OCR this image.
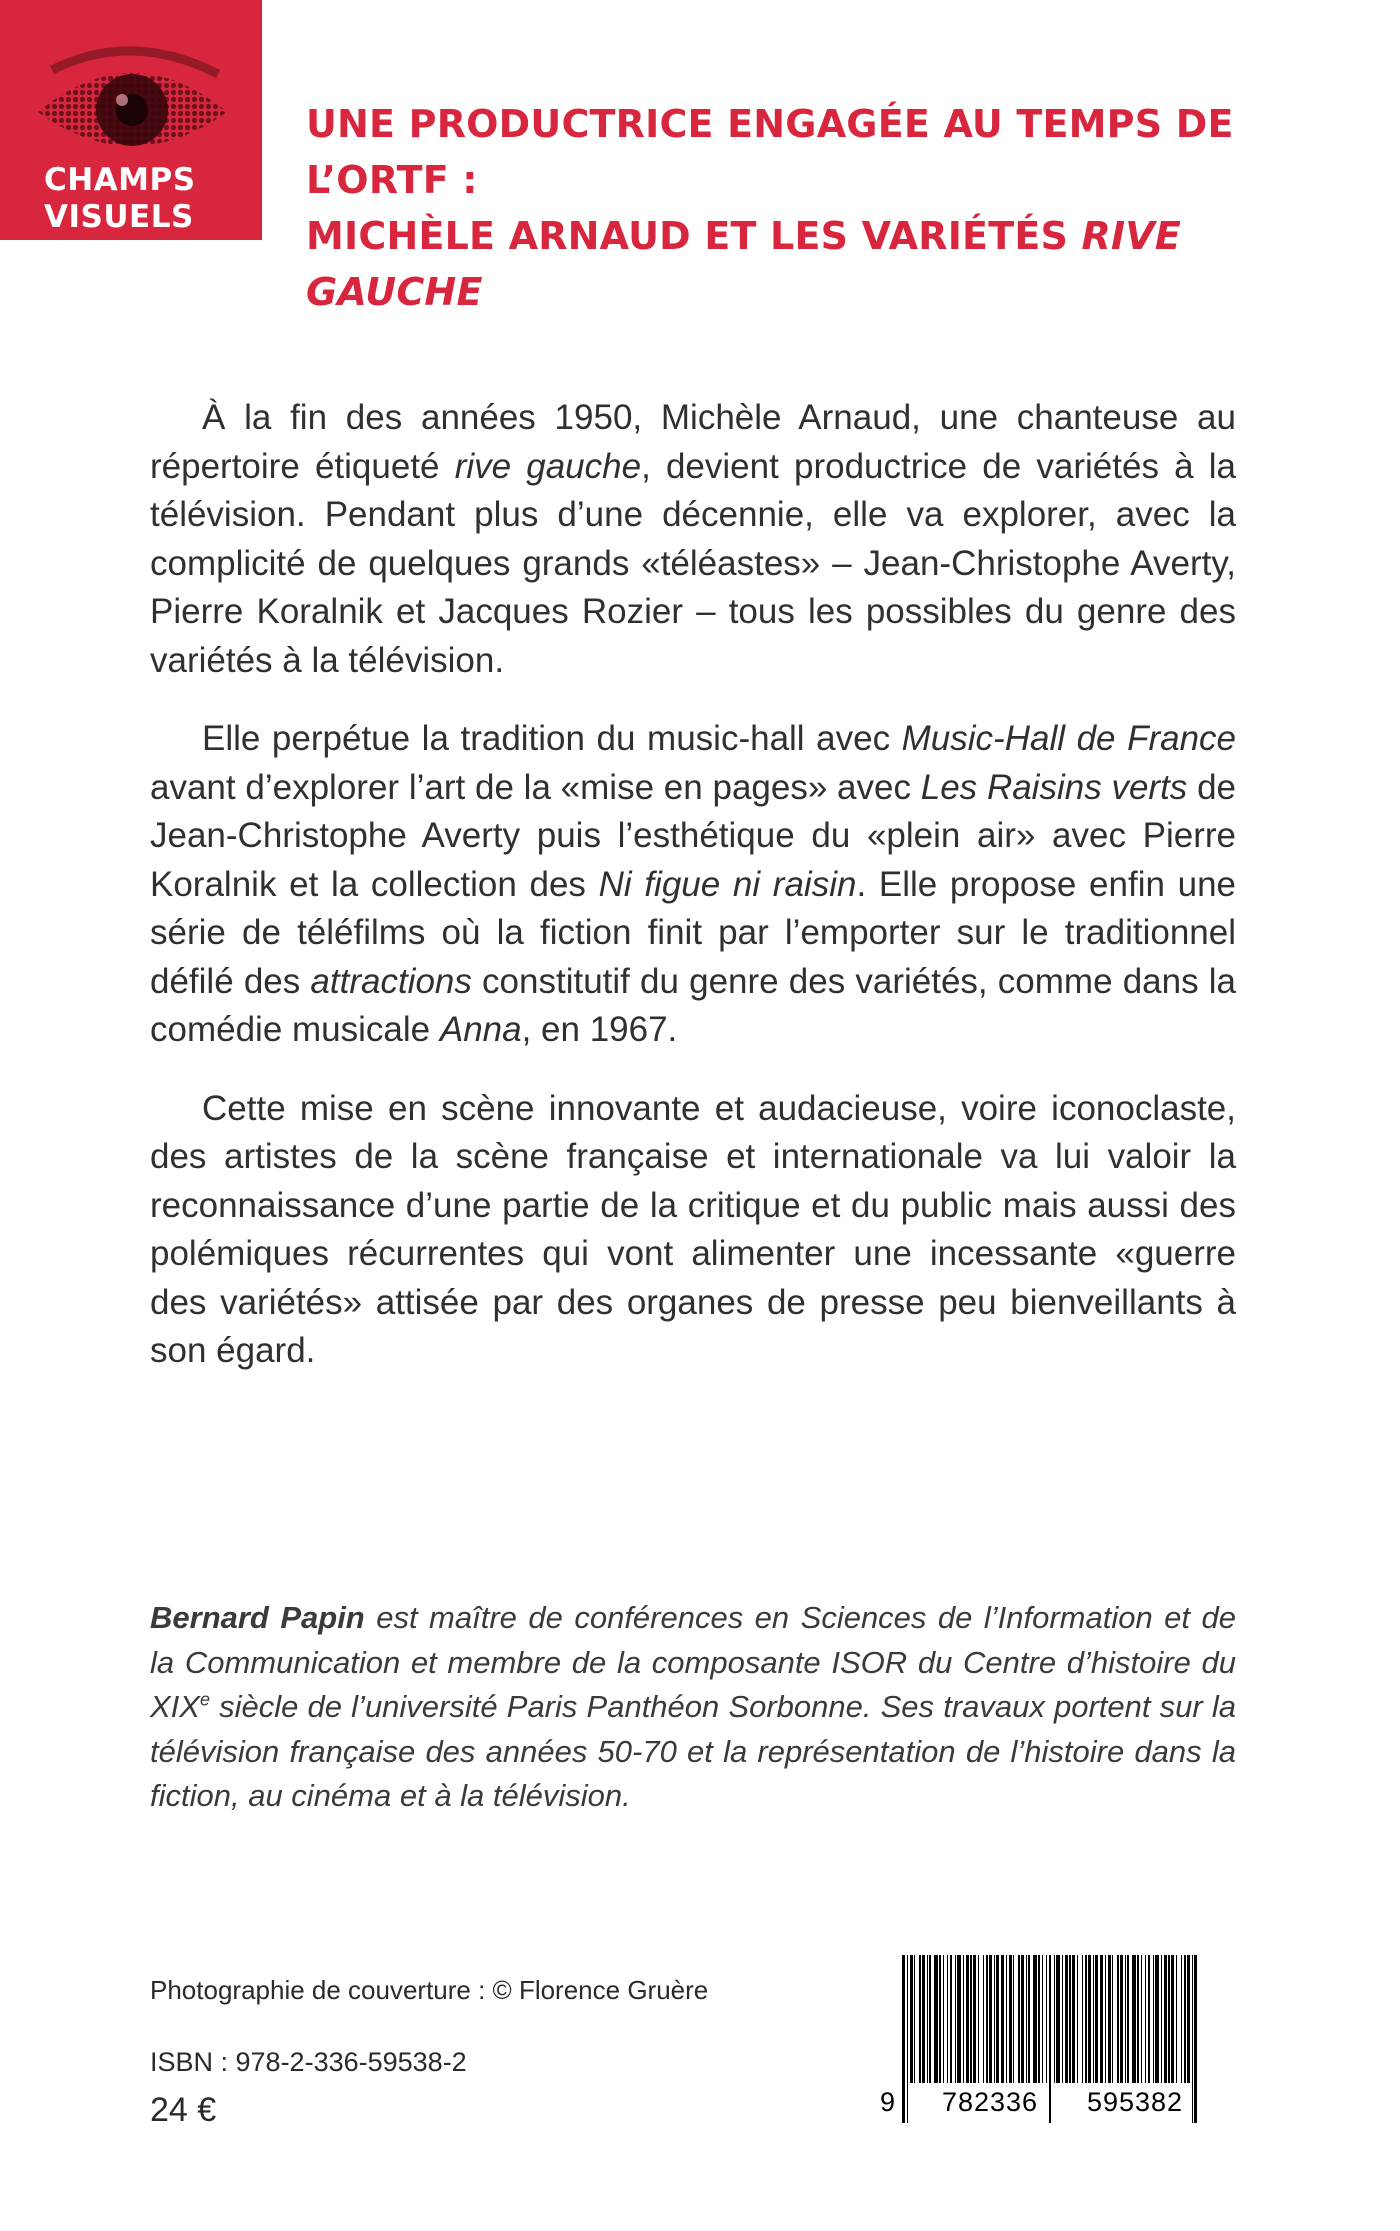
CHAMPS
VISUELS
UNE PRODUCTRICE ENGAGÉE AU TEMPS DE L’ORTF :
MICHÈLE ARNAUD ET LES VARIÉTÉS RIVE GAUCHE

À la fin des années 1950, Michèle Arnaud, une chanteuse au répertoire étiqueté rive gauche, devient productrice de variétés à la télévision. Pendant plus d’une décennie, elle va explorer, avec la complicité de quelques grands «téléastes» – Jean-Christophe Averty, Pierre Koralnik et Jacques Rozier – tous les possibles du genre des variétés à la télévision.

Elle perpétue la tradition du music-hall avec Music-Hall de France avant d’explorer l’art de la «mise en pages» avec Les Raisins verts de Jean-Christophe Averty puis l’esthétique du «plein air» avec Pierre Koralnik et la collection des Ni figue ni raisin. Elle propose enfin une série de téléfilms où la fiction finit par l’emporter sur le traditionnel défilé des attractions constitutif du genre des variétés, comme dans la comédie musicale Anna, en 1967.

Cette mise en scène innovante et audacieuse, voire iconoclaste, des artistes de la scène française et internationale va lui valoir la reconnaissance d’une partie de la critique et du public mais aussi des polémiques récurrentes qui vont alimenter une incessante «guerre des variétés» attisée par des organes de presse peu bienveillants à son égard.

Bernard Papin est maître de conférences en Sciences de l’Information et de la Communication et membre de la composante ISOR du Centre d’histoire du XIXe siècle de l’université Paris Panthéon Sorbonne. Ses travaux portent sur la télévision française des années 50-70 et la représentation de l’histoire dans la fiction, au cinéma et à la télévision.

Photographie de couverture : © Florence Gruère
ISBN : 978-2-336-59538-2
24 €	9	782336	595382
